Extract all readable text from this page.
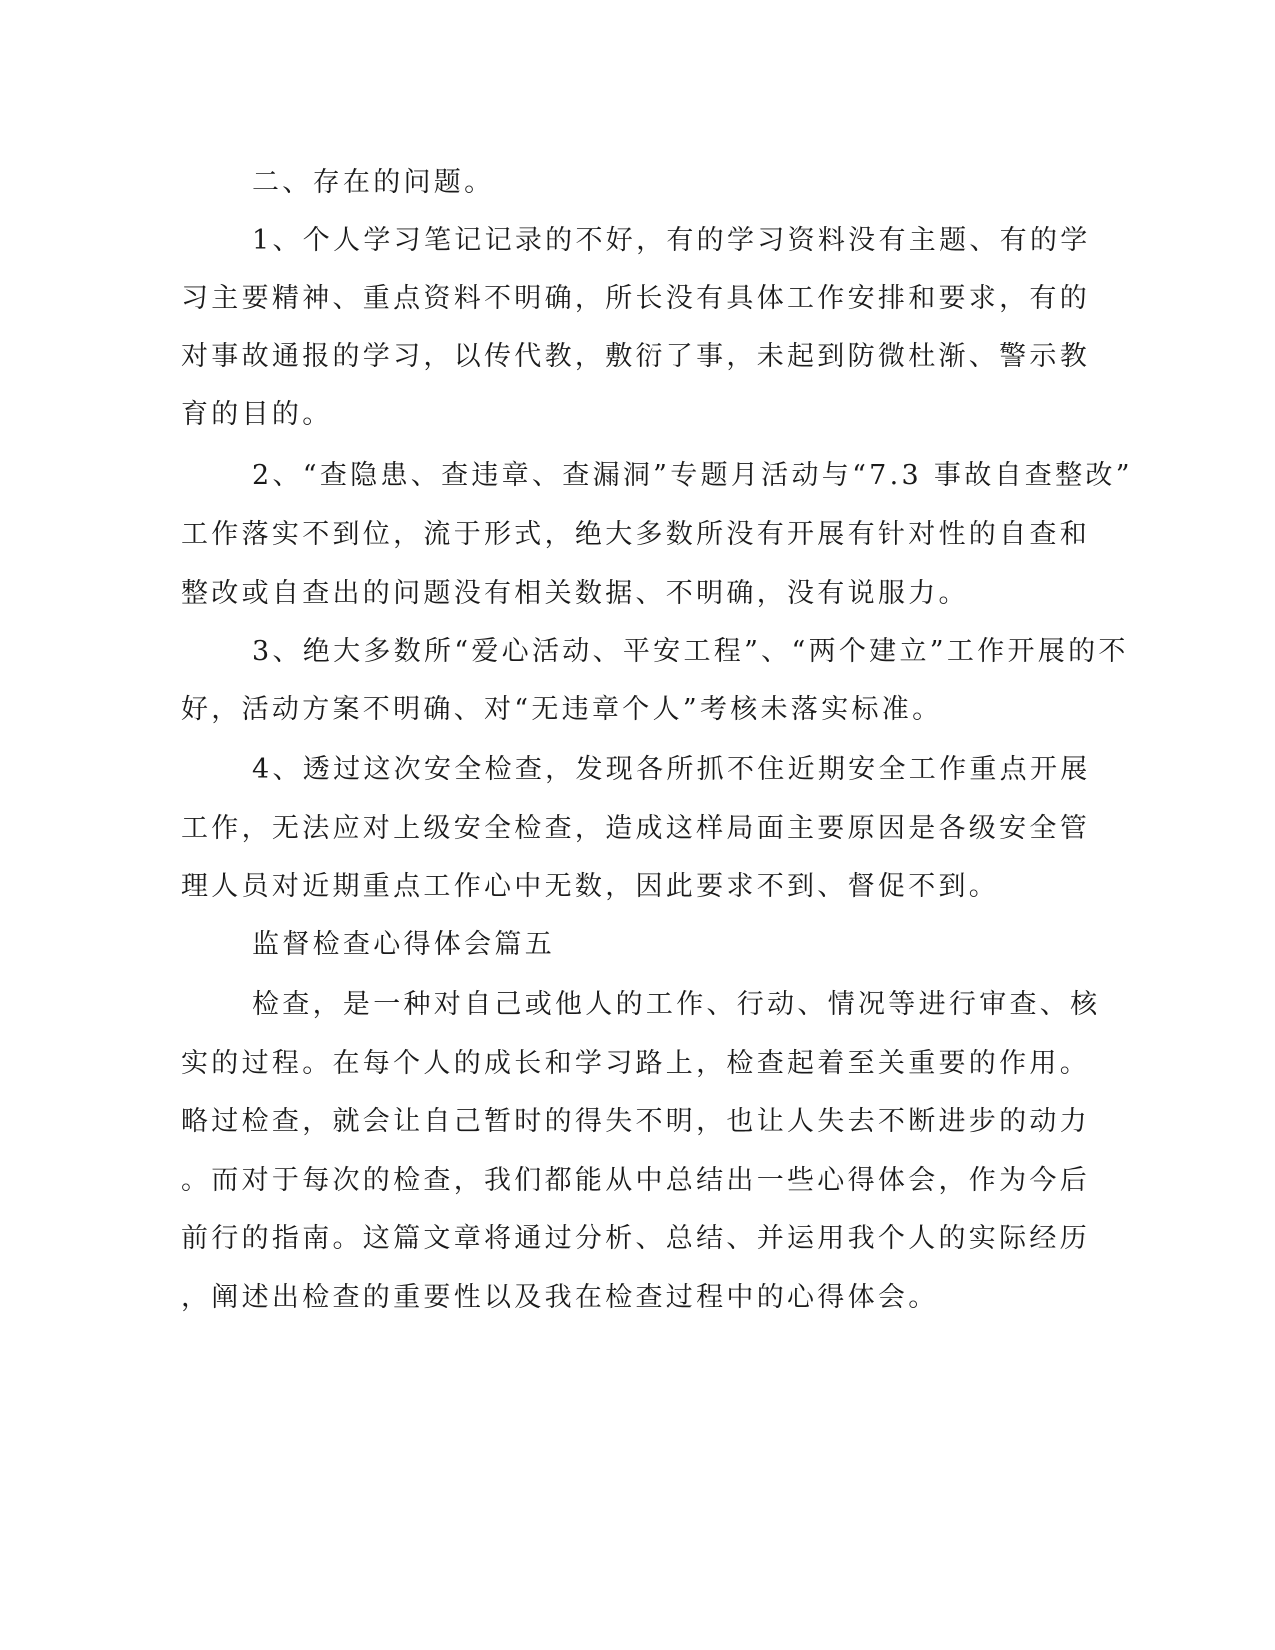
二、存在的问题。

1、个人学习笔记记录的不好，有的学习资料没有主题、有的学

习主要精神、重点资料不明确，所长没有具体工作安排和要求，有的

对事故通报的学习，以传代教，敷衍了事，未起到防微杜渐、警示教

育的目的。

2、“查隐患、查违章、查漏洞”专题月活动与“7.3 事故自查整改”

工作落实不到位，流于形式，绝大多数所没有开展有针对性的自查和

整改或自查出的问题没有相关数据、不明确，没有说服力。

3、绝大多数所“爱心活动、平安工程”、“两个建立”工作开展的不

好，活动方案不明确、对“无违章个人”考核未落实标准。

4、透过这次安全检查，发现各所抓不住近期安全工作重点开展

工作，无法应对上级安全检查，造成这样局面主要原因是各级安全管

理人员对近期重点工作心中无数，因此要求不到、督促不到。

监督检查心得体会篇五

检查，是一种对自己或他人的工作、行动、情况等进行审查、核

实的过程。在每个人的成长和学习路上，检查起着至关重要的作用。

略过检查，就会让自己暂时的得失不明，也让人失去不断进步的动力

。而对于每次的检查，我们都能从中总结出一些心得体会，作为今后

前行的指南。这篇文章将通过分析、总结、并运用我个人的实际经历

，阐述出检查的重要性以及我在检查过程中的心得体会。
